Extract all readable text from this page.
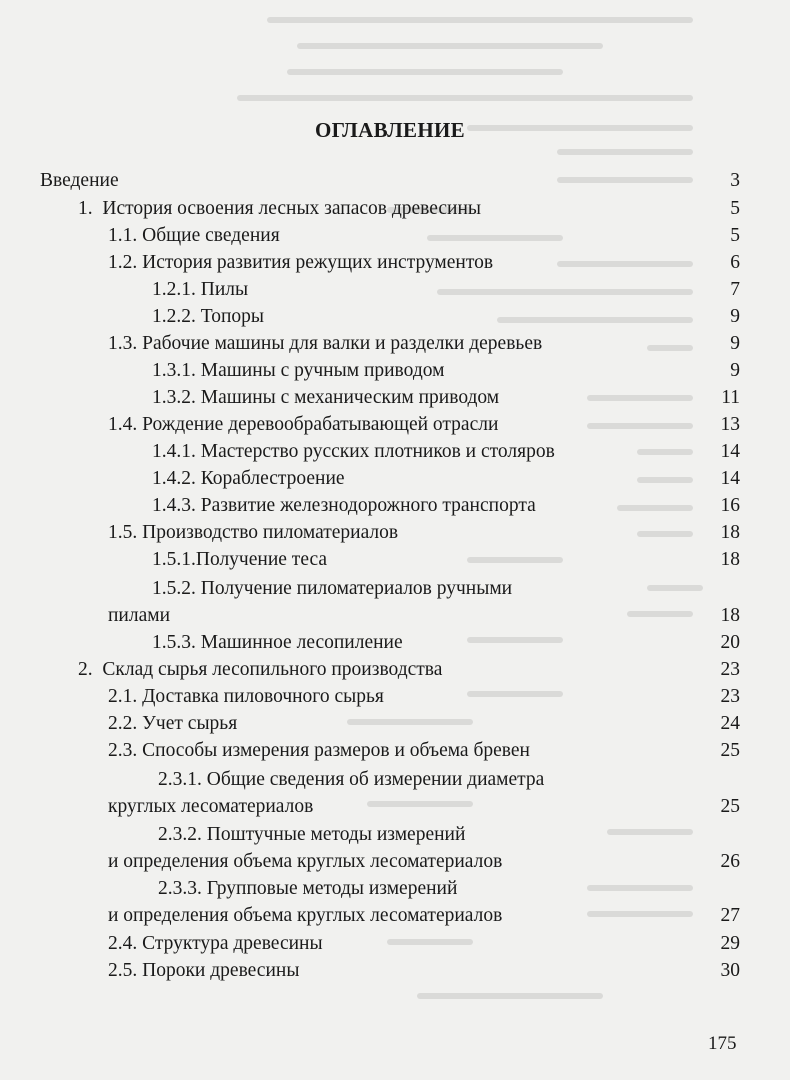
ОГЛАВЛЕНИЕ
Введение	3
1.  История освоения лесных запасов древесины	5
1.1. Общие сведения	5
1.2. История развития режущих инструментов	6
1.2.1. Пилы	7
1.2.2. Топоры	9
1.3. Рабочие машины для валки и разделки деревьев	9
1.3.1. Машины с ручным приводом	9
1.3.2. Машины с механическим приводом	11
1.4. Рождение деревообрабатывающей отрасли	13
1.4.1. Мастерство русских плотников и столяров	14
1.4.2. Кораблестроение	14
1.4.3. Развитие железнодорожного транспорта	16
1.5. Производство пиломатериалов	18
1.5.1.Получение теса	18
1.5.2. Получение пиломатериалов ручными
пилами	18
1.5.3. Машинное лесопиление	20
2.  Склад сырья лесопильного производства	23
2.1. Доставка пиловочного сырья	23
2.2. Учет сырья	24
2.3. Способы измерения размеров и объема бревен	25
2.3.1. Общие сведения об измерении диаметра
круглых лесоматериалов	25
2.3.2. Поштучные методы измерений
и определения объема круглых лесоматериалов	26
2.3.3. Групповые методы измерений
и определения объема круглых лесоматериалов	27
2.4. Структура древесины	29
2.5. Пороки древесины	30
175
